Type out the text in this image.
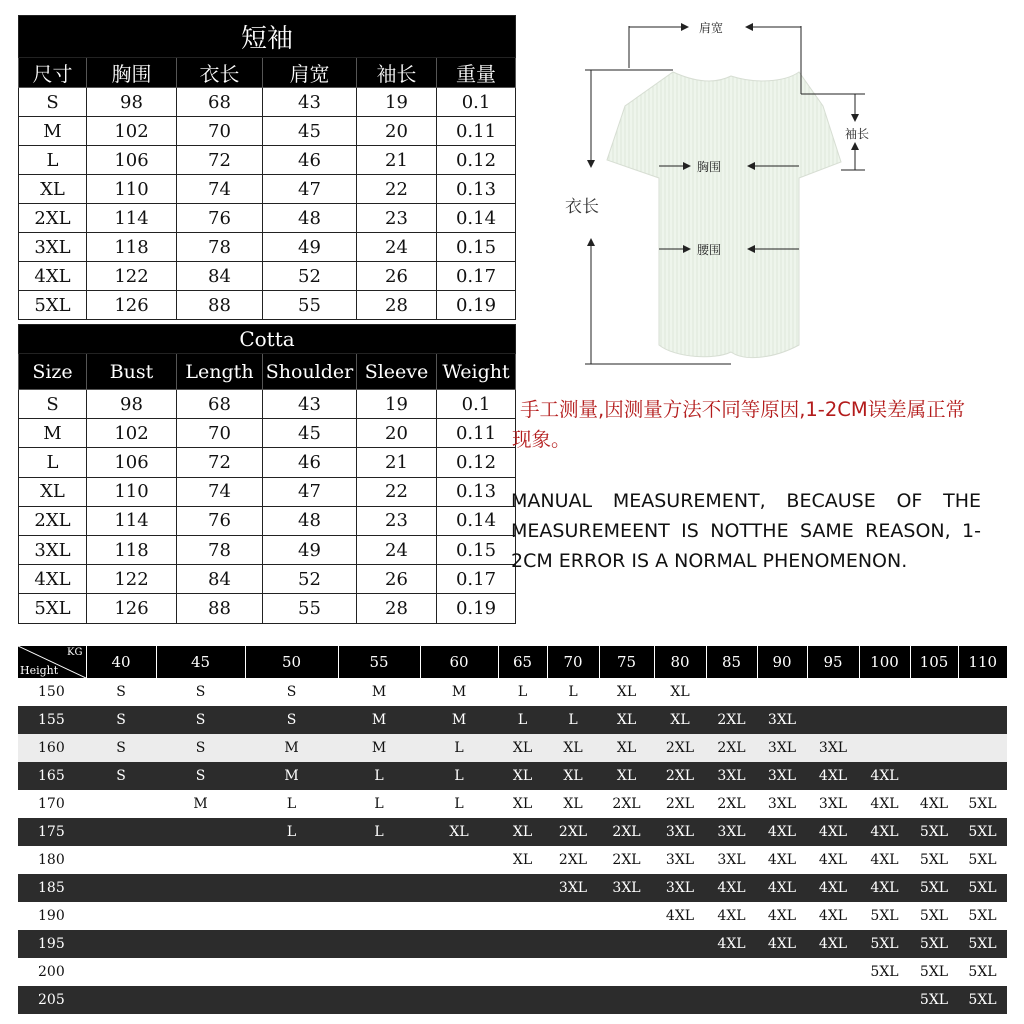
短袖					
尺寸	胸围	衣长	肩宽	袖长	重量
S	98	68	43	19	0.1
M	102	70	45	20	0.11
L	106	72	46	21	0.12
XL	110	74	47	22	0.13
2XL	114	76	48	23	0.14
3XL	118	78	49	24	0.15
4XL	122	84	52	26	0.17
5XL	126	88	55	28	0.19
Cotta					
Size	Bust	Length	Shoulder	Sleeve	Weight
S	98	68	43	19	0.1
M	102	70	45	20	0.11
L	106	72	46	21	0.12
XL	110	74	47	22	0.13
2XL	114	76	48	23	0.14
3XL	118	78	49	24	0.15
4XL	122	84	52	26	0.17
5XL	126	88	55	28	0.19
肩宽
袖长
胸围
腰围
衣长
手工测量,因测量方法不同等原因,1-2CM误差属正常现象。
MANUAL MEASUREMENT, BECAUSE OF THE MEASUREMEENT IS NOTTHE SAME REASON, 1-2CM ERROR IS A NORMAL PHENOMENON.
KG
Height	40	45	50	55	60	65	70	75	80	85	90	95	100	105	110
150	S	S	S	M	M	L	L	XL	XL						
155	S	S	S	M	M	L	L	XL	XL	2XL	3XL				
160	S	S	M	M	L	XL	XL	XL	2XL	2XL	3XL	3XL			
165	S	S	M	L	L	XL	XL	XL	2XL	3XL	3XL	4XL	4XL		
170		M	L	L	L	XL	XL	2XL	2XL	2XL	3XL	3XL	4XL	4XL	5XL
175			L	L	XL	XL	2XL	2XL	3XL	3XL	4XL	4XL	4XL	5XL	5XL
180						XL	2XL	2XL	3XL	3XL	4XL	4XL	4XL	5XL	5XL
185							3XL	3XL	3XL	4XL	4XL	4XL	4XL	5XL	5XL
190									4XL	4XL	4XL	4XL	5XL	5XL	5XL
195										4XL	4XL	4XL	5XL	5XL	5XL
200													5XL	5XL	5XL
205														5XL	5XL
